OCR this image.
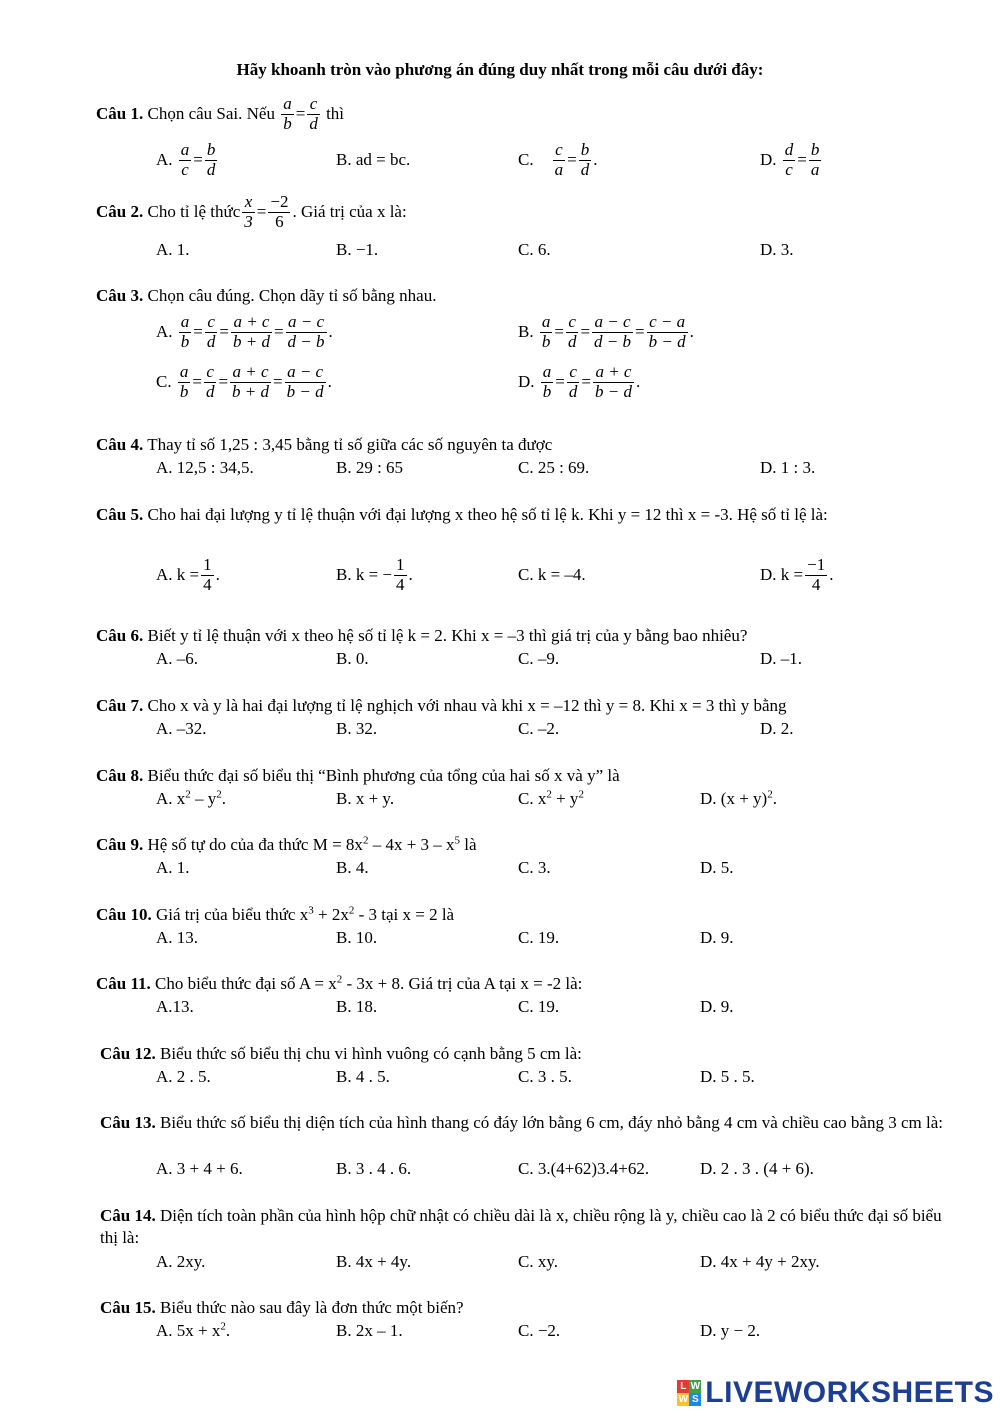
Hãy khoanh tròn vào phương án đúng duy nhất trong mỗi câu dưới đây:
Câu 1.
Chọn câu Sai. Nếu
$\frac{a}{b} = \frac{c}{d}$
thì
A.
$\frac{a}{c} = \frac{b}{d}$	B. ad = bc.	C.
$\frac{c}{a} = \frac{b}{d}$ .	D.
$\frac{d}{c} = \frac{b}{a}$
Câu 2.
Cho tỉ lệ thức $\frac{x}{3} = \frac{-2}{6}$ . Giá trị của x là:
A. 1.	B. −1.	C. 6.	D. 3.
Câu 3. Chọn câu đúng. Chọn dãy tỉ số bằng nhau.
A.
$\frac{a}{b} = \frac{c}{d} = \frac{a + c}{b + d} = \frac{a - c}{d - b}$ .	B.
$\frac{a}{b} = \frac{c}{d} = \frac{a - c}{d - b} = \frac{c - a}{b - d}$ .
C.
$\frac{a}{b} = \frac{c}{d} = \frac{a + c}{b + d} = \frac{a - c}{b - d}$ .	D.
$\frac{a}{b} = \frac{c}{d} = \frac{a + c}{b - d}$ .
Câu 4. Thay tỉ số 1,25 : 3,45 bằng tỉ số giữa các số nguyên ta được
A. 12,5 : 34,5.	B. 29 : 65	C. 25 : 69.	D. 1 : 3.
Câu 5. Cho hai đại lượng y tỉ lệ thuận với đại lượng x theo hệ số tỉ lệ k. Khi y = 12 thì x = -3. Hệ số tỉ lệ là:
A.
$k = \frac{1}{4}$ .	B.
k = − $\frac{1}{4}$ .	C. k = –4.	D.
$k = \frac{-1}{4}$ .
Câu 6. Biết y tỉ lệ thuận với x theo hệ số tỉ lệ k = 2. Khi x = –3 thì giá trị của y bằng bao nhiêu?
A. –6.	B. 0.	C. –9.	D. –1.
Câu 7. Cho x và y là hai đại lượng tỉ lệ nghịch với nhau và khi x = –12 thì y = 8. Khi x = 3 thì y bằng
A. –32.	B. 32.	C. –2.	D. 2.
Câu 8. Biểu thức đại số biểu thị “Bình phương của tổng của hai số x và y” là
A. $x^2 - y^2$.	B. x + y.	C. $x^2 + y^2$	D. $(x + y)^2$.
Câu 9. Hệ số tự do của đa thức $M = 8x^2 - 4x + 3 - x^5$ là
A. 1.	B. 4.	C. 3.	D. 5.
Câu 10. Giá trị của biểu thức $x^3 + 2x^2 - 3$ tại x = 2 là
A. 13.	B. 10.	C. 19.	D. 9.
Câu 11. Cho biểu thức đại số $A = x^2 - 3x + 8$. Giá trị của A tại x = -2 là:
A.13.	B. 18.	C. 19.	D. 9.
Câu 12. Biểu thức số biểu thị chu vi hình vuông có cạnh bằng 5 cm là:
A. 2 . 5.	B. 4 . 5.	C. 3 . 5.	D. 5 . 5.
Câu 13. Biểu thức số biểu thị diện tích của hình thang có đáy lớn bằng 6 cm, đáy nhỏ bằng 4 cm và chiều cao bằng 3 cm là:
A. 3 + 4 + 6.	B. 3 . 4 . 6.	C. 3.(4+62)3.4+62.	D. 2 . 3 . (4 + 6).
Câu 14. Diện tích toàn phần của hình hộp chữ nhật có chiều dài là x, chiều rộng là y, chiều cao là 2 có biểu thức đại số biểu thị là:
A. 2xy.	B. 4x + 4y.	C. xy.	D. 4x + 4y + 2xy.
Câu 15. Biểu thức nào sau đây là đơn thức một biến?
A. $5x + x^2$.	B. 2x – 1.	C. −2.	D. y − 2.
L W
W S LIVEWORKSHEETS
